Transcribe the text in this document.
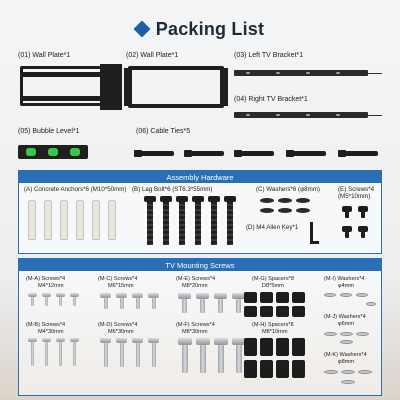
Packing List
(01) Wall Plate*1	(02) Wall Plate*1	(03) Left TV Bracket*1
(04) Right TV Bracket*1
(05) Bubble Level*1	(06) Cable Ties*5
Assembly Hardware
(A) Concrete Anchors*6 (M10*50mm) (B) Lag Bolt*6 (ST6.3*55mm)	(C) Washers*6 (φ8mm)	(E) Screws*4
(M5*10mm)
(D) M4 Allen Key*1
TV Mounting Screws
(M-A) Screws*4
M4*12mm
(M-C) Screws*4
M6*15mm
(M-E) Screws*4
M8*20mm
(M-G) Spacers*8
D8*5mm
(M-I) Washers*4
φ4mm
(M-B) Screws*4
M4*30mm
(M-D) Screws*4
M6*30mm
(M-F) Screws*4
M8*30mm
(M-H) Spacers*8
M8*10mm
(M-J) Washers*4
φ6mm
(M-K) Washers*4
φ8mm
